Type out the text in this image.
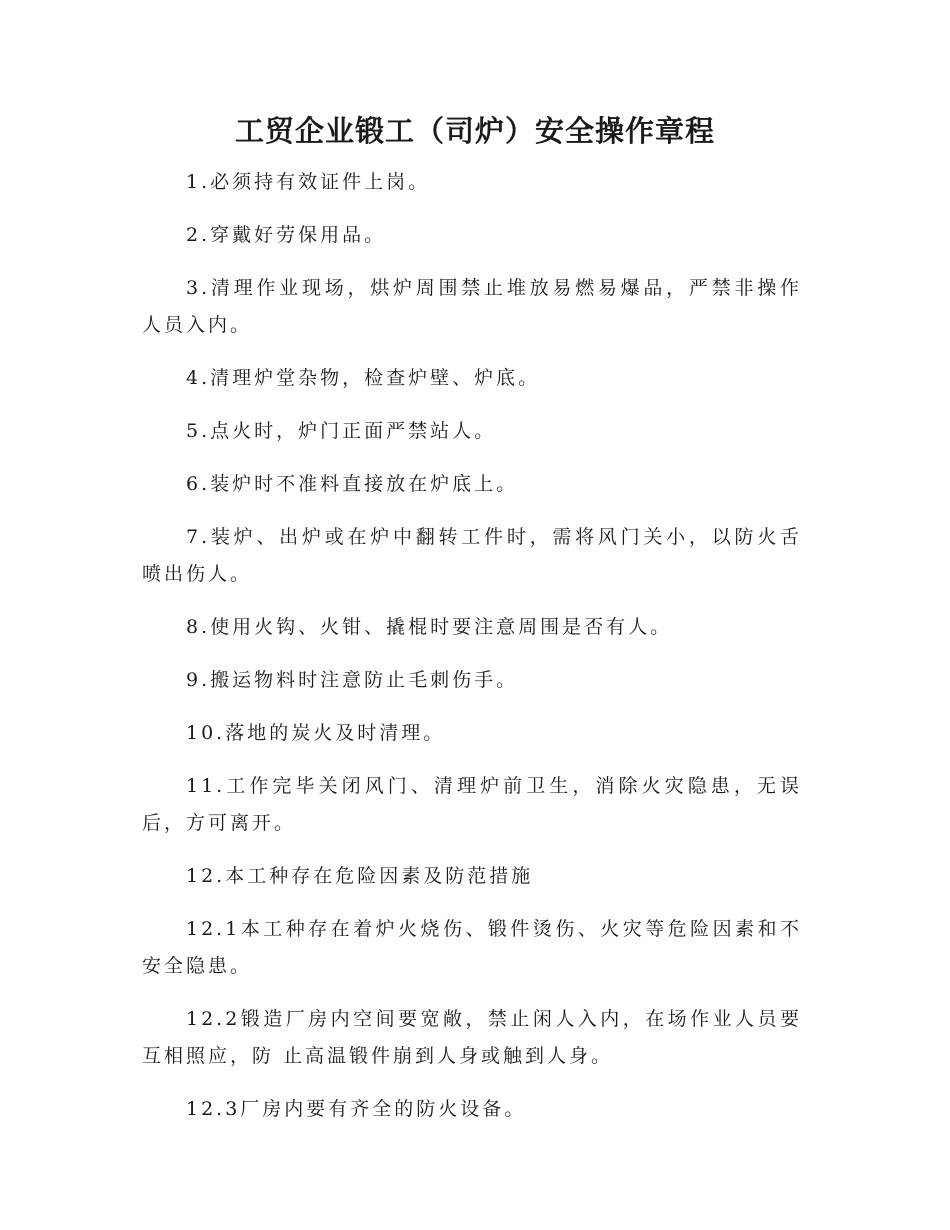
工贸企业锻工（司炉）安全操作章程

1.必须持有效证件上岗。

2.穿戴好劳保用品。

3.清理作业现场，烘炉周围禁止堆放易燃易爆品，严禁非操作人员入内。

4.清理炉堂杂物，检查炉壁、炉底。

5.点火时，炉门正面严禁站人。

6.装炉时不准料直接放在炉底上。

7.装炉、出炉或在炉中翻转工件时，需将风门关小，以防火舌喷出伤人。

8.使用火钩、火钳、撬棍时要注意周围是否有人。

9.搬运物料时注意防止毛刺伤手。

10.落地的炭火及时清理。

11.工作完毕关闭风门、清理炉前卫生，消除火灾隐患，无误后，方可离开。

12.本工种存在危险因素及防范措施

12.1本工种存在着炉火烧伤、锻件烫伤、火灾等危险因素和不安全隐患。

12.2锻造厂房内空间要宽敞，禁止闲人入内，在场作业人员要互相照应，防 止高温锻件崩到人身或触到人身。

12.3厂房内要有齐全的防火设备。
